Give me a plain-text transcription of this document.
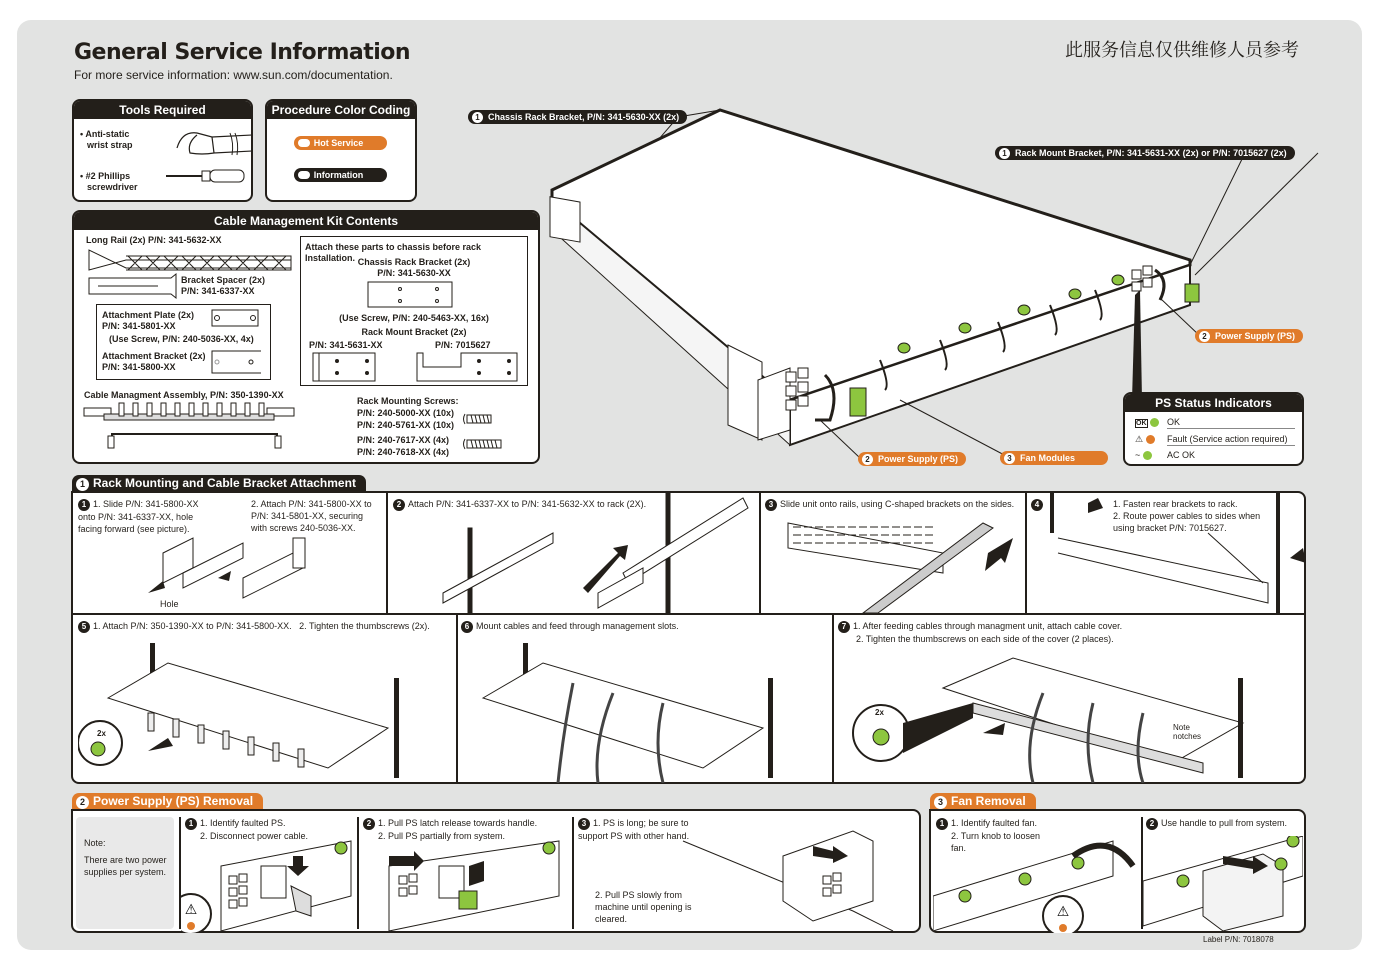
General Service Information
For more service information: www.sun.com/documentation.
此服务信息仅供维修人员参考
Tools Required
• Anti-static
wrist strap
• #2 Phillips
screwdriver
Procedure Color Coding
Hot Service
Information
Cable Management Kit Contents
Long Rail (2x) P/N: 341-5632-XX
Bracket Spacer (2x)
P/N: 341-6337-XX
Attachment Plate (2x)
P/N: 341-5801-XX
(Use Screw, P/N: 240-5036-XX, 4x)
Attachment Bracket (2x)
P/N: 341-5800-XX
Cable Managment Assembly, P/N: 350-1390-XX
Attach these parts to chassis before rack Installation. Chassis Rack Bracket (2x)
P/N: 341-5630-XX
(Use Screw, P/N: 240-5463-XX, 16x)
Rack Mount Bracket (2x)
P/N: 341-5631-XX	P/N: 7015627
Rack Mounting Screws:
P/N: 240-5000-XX (10x)
P/N: 240-5761-XX (10x)
P/N: 240-7617-XX (4x)
P/N: 240-7618-XX (4x)
1 Chassis Rack Bracket, P/N: 341-5630-XX (2x)
1 Rack Mount Bracket, P/N: 341-5631-XX (2x) or P/N: 7015627 (2x)
2 Power Supply (PS)
2 Power Supply (PS)	3 Fan Modules
PS Status Indicators
OK OK
⚠	Fault (Service action required)
~	AC OK
1 Rack Mounting and Cable Bracket Attachment
1 1. Slide P/N: 341-5800-XX onto P/N: 341-6337-XX, hole facing forward (see picture).
2. Attach P/N: 341-5800-XX to P/N: 341-5801-XX, securing with screws 240-5036-XX.
Hole
2 Attach P/N: 341-6337-XX to P/N: 341-5632-XX to rack (2X).	3 Slide unit onto rails, using C-shaped brackets on the sides.	4	1. Fasten rear brackets to rack.
2. Route power cables to sides when using bracket P/N: 7015627.
5 1. Attach P/N: 350-1390-XX to P/N: 341-5800-XX. 2. Tighten the thumbscrews (2x).	6 Mount cables and feed through management slots.	7 1. After feeding cables through managment unit, attach cable cover.
2. Tighten the thumbscrews on each side of the cover (2 places).
2x
2x
Note notches
2 Power Supply (PS) Removal
Note:
There are two power supplies per system.
1 1. Identify faulted PS.
2. Disconnect power cable.
2 1. Pull PS latch release towards handle.
2. Pull PS partially from system.
3 1. PS is long; be sure to support PS with other hand.
2. Pull PS slowly from machine until opening is cleared.
⚠
3 Fan Removal
1 1. Identify faulted fan.
2. Turn knob to loosen fan.
2 Use handle to pull from system.
⚠
Label P/N: 7018078
